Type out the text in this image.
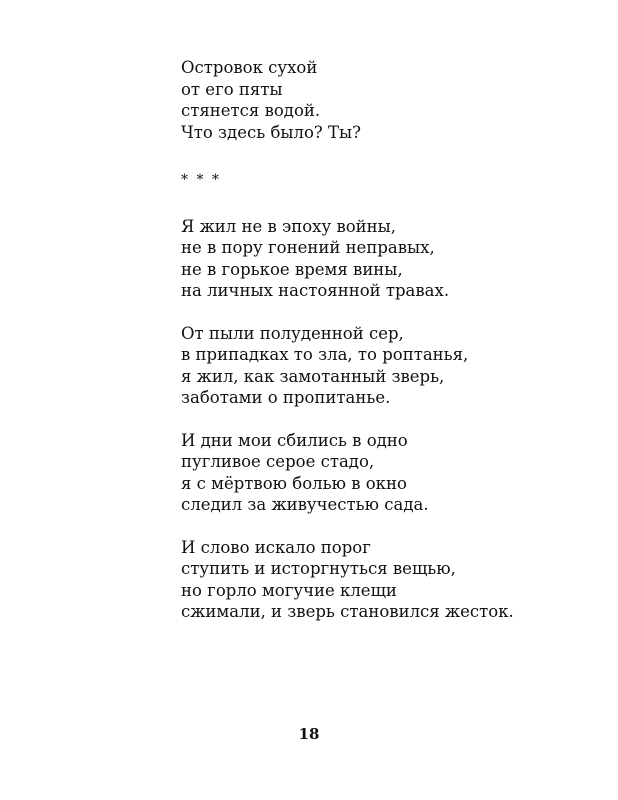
Островок сухой
от его пяты
стянется водой.
Что здесь было? Ты?
* * *
Я жил не в эпоху войны,
не в пору гонений неправых,
не в горькое время вины,
на личных настоянной травах.
От пыли полуденной сер,
в припадках то зла, то роптанья,
я жил, как замотанный зверь,
заботами о пропитанье.
И дни мои сбились в одно
пугливое серое стадо,
я с мёртвою болью в окно
следил за живучестью сада.
И слово искало порог
ступить и исторгнуться вещью,
но горло могучие клещи
сжимали, и зверь становился жесток.
18
